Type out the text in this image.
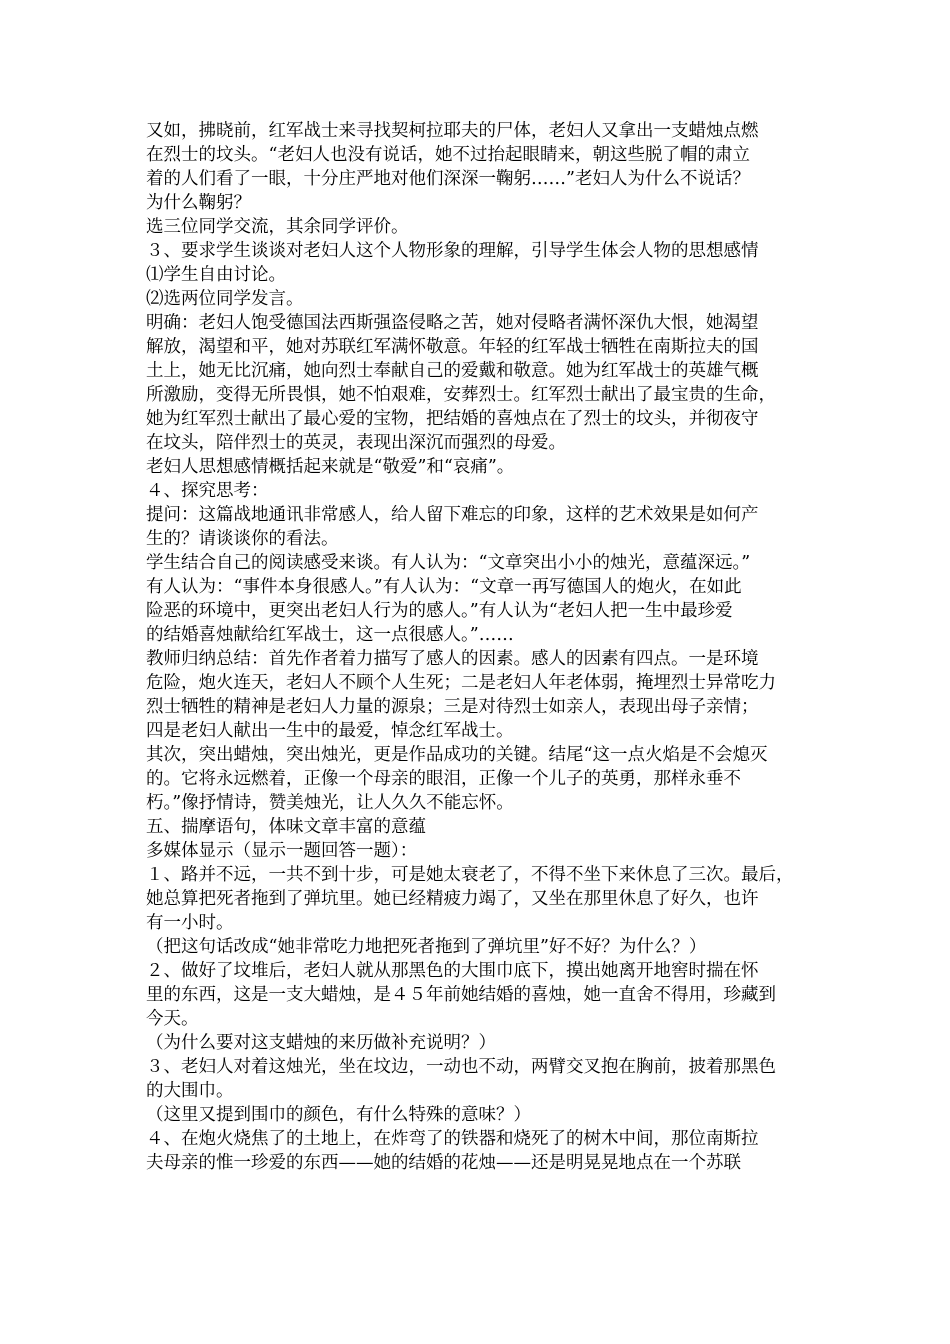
又如，拂晓前，红军战士来寻找契柯拉耶夫的尸体，老妇人又拿出一支蜡烛点燃
在烈士的坟头。“老妇人也没有说话，她不过抬起眼睛来，朝这些脱了帽的肃立
着的人们看了一眼，十分庄严地对他们深深一鞠躬……”老妇人为什么不说话？
为什么鞠躬？
选三位同学交流，其余同学评价。
３、要求学生谈谈对老妇人这个人物形象的理解，引导学生体会人物的思想感情
⑴学生自由讨论。
⑵选两位同学发言。
明确：老妇人饱受德国法西斯强盗侵略之苦，她对侵略者满怀深仇大恨，她渴望
解放，渴望和平，她对苏联红军满怀敬意。年轻的红军战士牺牲在南斯拉夫的国
土上，她无比沉痛，她向烈士奉献自己的爱戴和敬意。她为红军战士的英雄气概
所激励，变得无所畏惧，她不怕艰难，安葬烈士。红军烈士献出了最宝贵的生命，
她为红军烈士献出了最心爱的宝物，把结婚的喜烛点在了烈士的坟头，并彻夜守
在坟头，陪伴烈士的英灵，表现出深沉而强烈的母爱。
老妇人思想感情概括起来就是“敬爱”和“哀痛”。
４、探究思考：
提问：这篇战地通讯非常感人，给人留下难忘的印象，这样的艺术效果是如何产
生的？请谈谈你的看法。
学生结合自己的阅读感受来谈。有人认为：“文章突出小小的烛光，意蕴深远。”
有人认为：“事件本身很感人。”有人认为：“文章一再写德国人的炮火，在如此
险恶的环境中，更突出老妇人行为的感人。”有人认为“老妇人把一生中最珍爱
的结婚喜烛献给红军战士，这一点很感人。”……
教师归纳总结：首先作者着力描写了感人的因素。感人的因素有四点。一是环境
危险，炮火连天，老妇人不顾个人生死；二是老妇人年老体弱，掩埋烈士异常吃力
烈士牺牲的精神是老妇人力量的源泉；三是对待烈士如亲人，表现出母子亲情；
四是老妇人献出一生中的最爱，悼念红军战士。
其次，突出蜡烛，突出烛光，更是作品成功的关键。结尾“这一点火焰是不会熄灭
的。它将永远燃着，正像一个母亲的眼泪，正像一个儿子的英勇，那样永垂不
朽。”像抒情诗，赞美烛光，让人久久不能忘怀。
五、揣摩语句，体味文章丰富的意蕴
多媒体显示（显示一题回答一题）：
１、路并不远，一共不到十步，可是她太衰老了，不得不坐下来休息了三次。最后，
她总算把死者拖到了弹坑里。她已经精疲力竭了，又坐在那里休息了好久，也许
有一小时。
（把这句话改成“她非常吃力地把死者拖到了弹坑里”好不好？为什么？）
２、做好了坟堆后，老妇人就从那黑色的大围巾底下，摸出她离开地窖时揣在怀
里的东西，这是一支大蜡烛，是４５年前她结婚的喜烛，她一直舍不得用，珍藏到
今天。
（为什么要对这支蜡烛的来历做补充说明？）
３、老妇人对着这烛光，坐在坟边，一动也不动，两臂交叉抱在胸前，披着那黑色
的大围巾。
（这里又提到围巾的颜色，有什么特殊的意味？）
４、在炮火烧焦了的土地上，在炸弯了的铁器和烧死了的树木中间，那位南斯拉
夫母亲的惟一珍爱的东西——她的结婚的花烛——还是明晃晃地点在一个苏联
